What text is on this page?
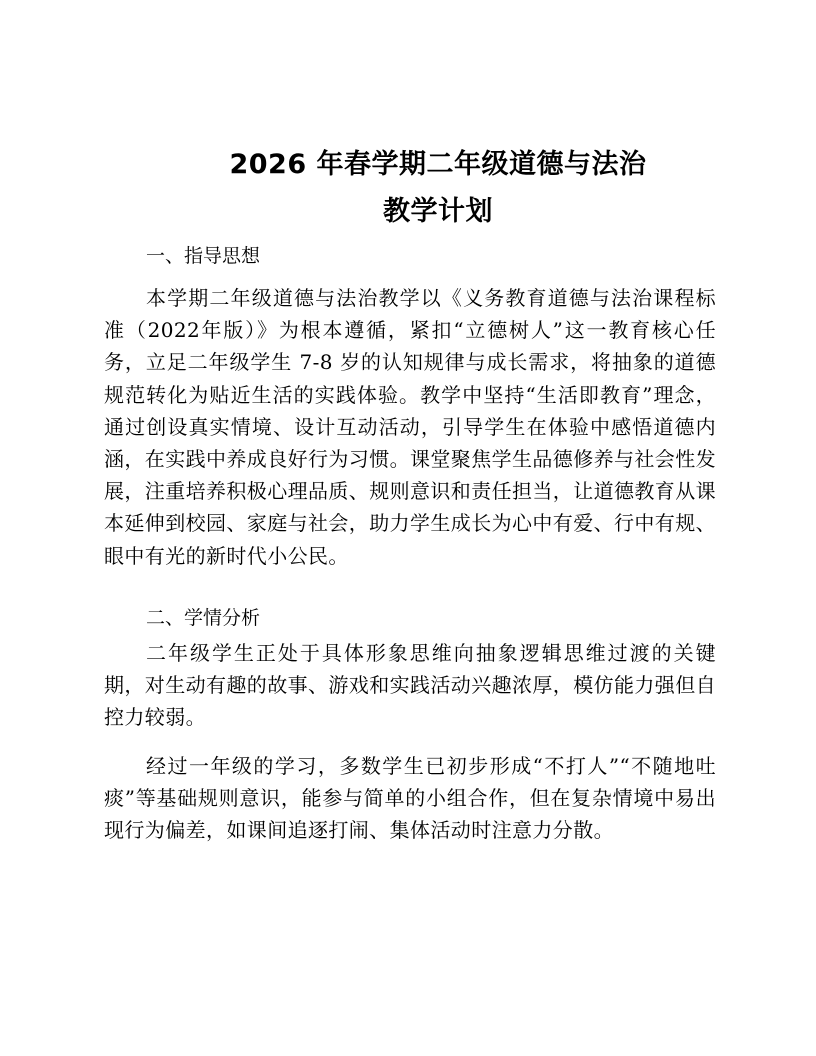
2026 年春学期二年级道德与法治
教学计划
一、指导思想

本学期二年级道德与法治教学以《义务教育道德与法治课程标准（2022年版）》为根本遵循，紧扣“立德树人”这一教育核心任务，立足二年级学生 7-8 岁的认知规律与成长需求，将抽象的道德规范转化为贴近生活的实践体验。教学中坚持“生活即教育”理念，通过创设真实情境、设计互动活动，引导学生在体验中感悟道德内涵，在实践中养成良好行为习惯。课堂聚焦学生品德修养与社会性发展，注重培养积极心理品质、规则意识和责任担当，让道德教育从课本延伸到校园、家庭与社会，助力学生成长为心中有爱、行中有规、眼中有光的新时代小公民。

二、学情分析

二年级学生正处于具体形象思维向抽象逻辑思维过渡的关键期，对生动有趣的故事、游戏和实践活动兴趣浓厚，模仿能力强但自控力较弱。

经过一年级的学习，多数学生已初步形成“不打人”“不随地吐痰”等基础规则意识，能参与简单的小组合作，但在复杂情境中易出现行为偏差，如课间追逐打闹、集体活动时注意力分散。
